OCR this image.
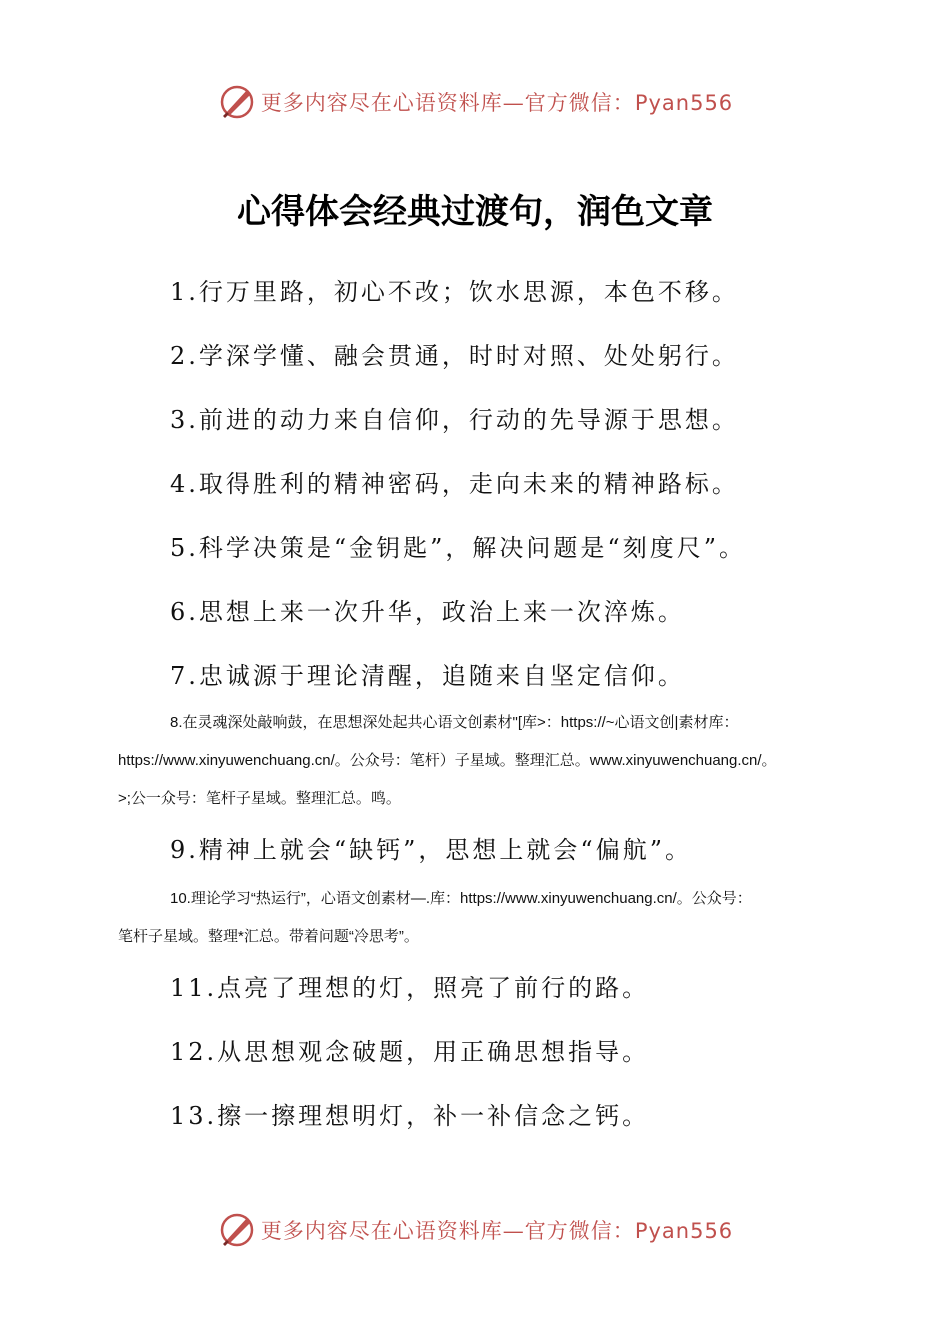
更多内容尽在心语资料库—官方微信：Pyan556
心得体会经典过渡句，润色文章
1.行万里路，初心不改；饮水思源，本色不移。
2.学深学懂、融会贯通，时时对照、处处躬行。
3.前进的动力来自信仰，行动的先导源于思想。
4.取得胜利的精神密码，走向未来的精神路标。
5.科学决策是“金钥匙”，解决问题是“刻度尺”。
6.思想上来一次升华，政治上来一次淬炼。
7.忠诚源于理论清醒，追随来自坚定信仰。
8.在灵魂深处敲响鼓，在思想深处起共心语文创素材"[库>：https://~心语文创|素材库：
https://www.xinyuwenchuang.cn/。公众号：笔杆）子星域。整理汇总。www.xinyuwenchuang.cn/。
>;公一众号：笔杆子星域。整理汇总。鸣。
9.精神上就会“缺钙”，思想上就会“偏航”。
10.理论学习“热运行”，心语文创素材—.库：https://www.xinyuwenchuang.cn/。公众号：
笔杆子星域。整理*汇总。带着问题“冷思考”。
11.点亮了理想的灯，照亮了前行的路。
12.从思想观念破题，用正确思想指导。
13.擦一擦理想明灯，补一补信念之钙。
更多内容尽在心语资料库—官方微信：Pyan556
